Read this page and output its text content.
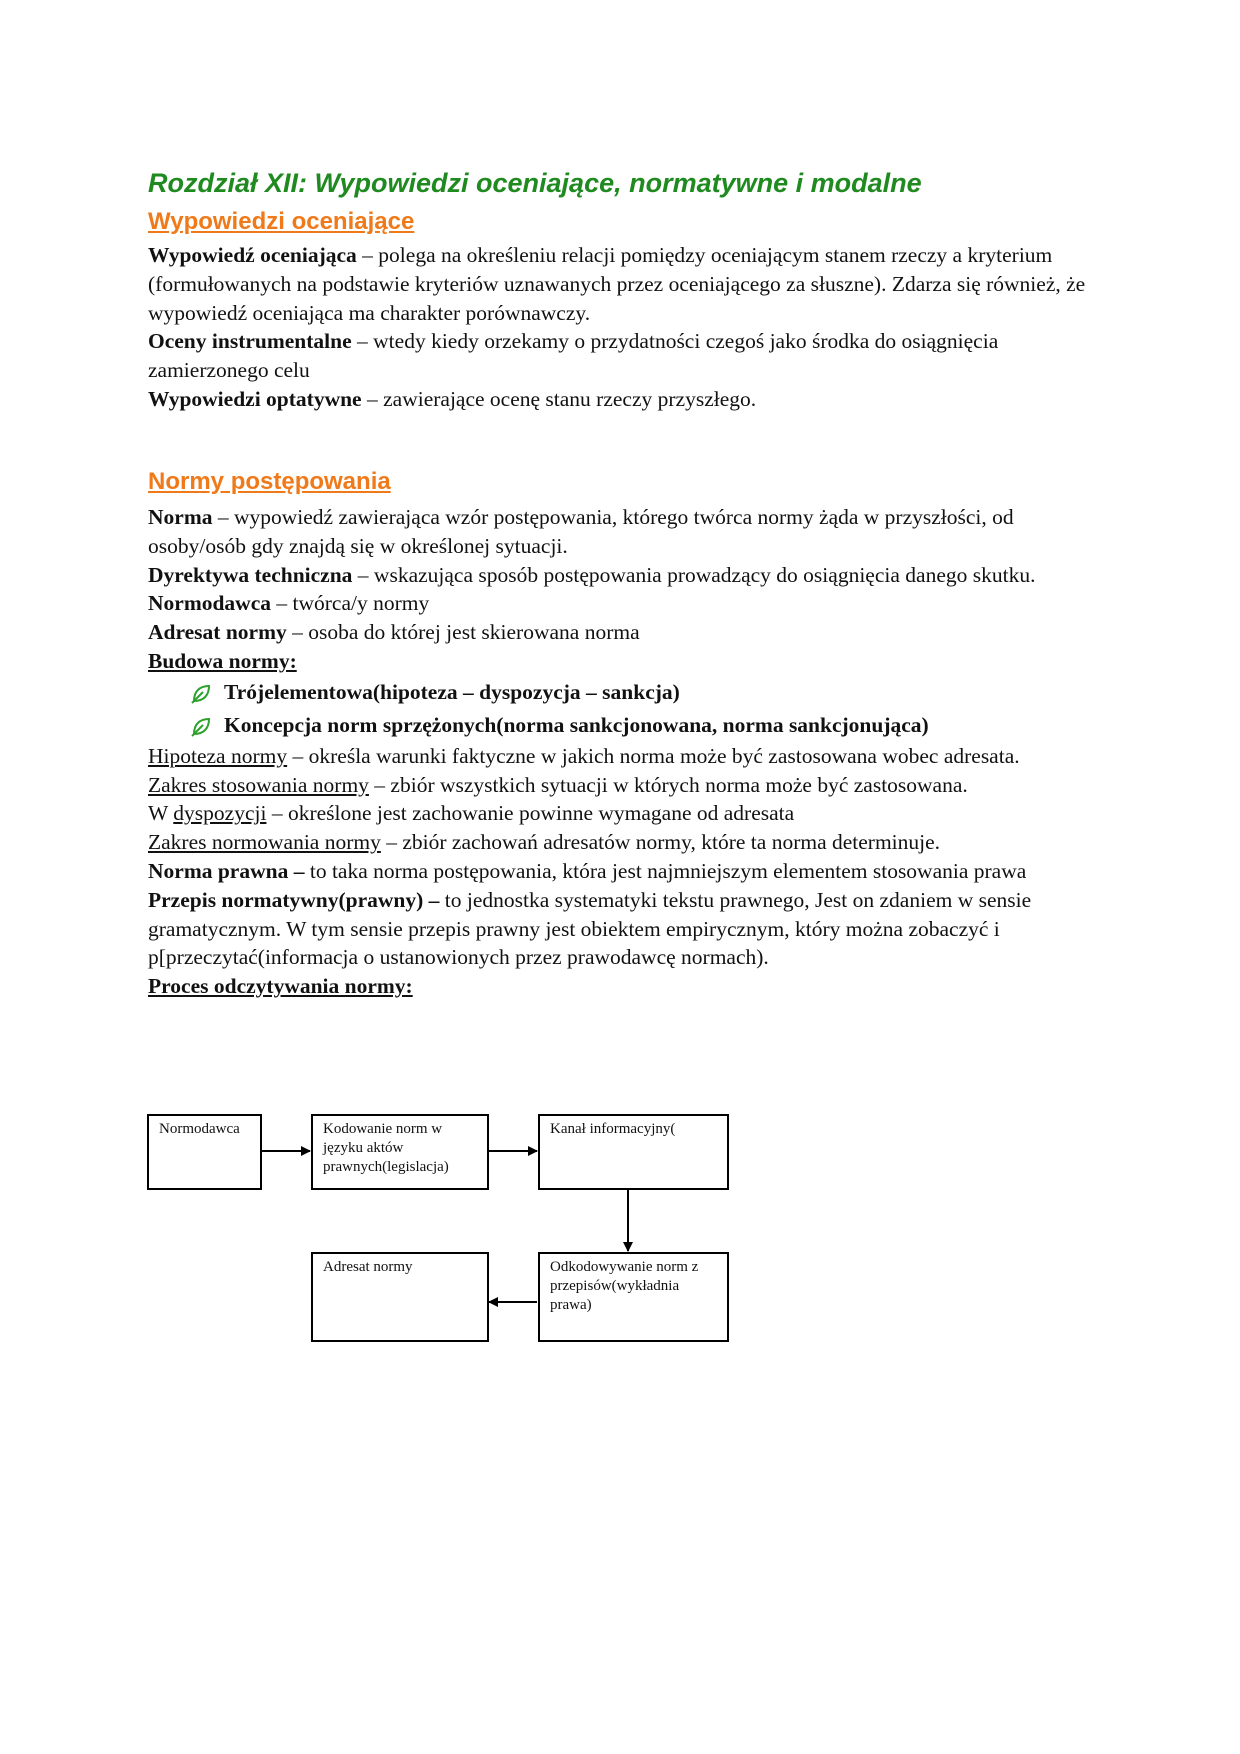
Rozdział XII: Wypowiedzi oceniające, normatywne i modalne
Wypowiedzi oceniające

Wypowiedź oceniająca – polega na określeniu relacji pomiędzy oceniającym stanem rzeczy a kryterium (formułowanych na podstawie kryteriów uznawanych przez oceniającego za słuszne). Zdarza się również, że wypowiedź oceniająca ma charakter porównawczy.

Oceny instrumentalne – wtedy kiedy orzekamy o przydatności czegoś jako środka do osiągnięcia zamierzonego celu

Wypowiedzi optatywne – zawierające ocenę stanu rzeczy przyszłego.

Normy postępowania

Norma – wypowiedź zawierająca wzór postępowania, którego twórca normy żąda w przyszłości, od osoby/osób gdy znajdą się w określonej sytuacji.

Dyrektywa techniczna – wskazująca sposób postępowania prowadzący do osiągnięcia danego skutku.

Normodawca – twórca/y normy

Adresat normy – osoba do której jest skierowana norma

Budowa normy:

Trójelementowa(hipoteza – dyspozycja – sankcja)
Koncepcja norm sprzężonych(norma sankcjonowana, norma sankcjonująca)

Hipoteza normy – określa warunki faktyczne w jakich norma może być zastosowana wobec adresata.

Zakres stosowania normy – zbiór wszystkich sytuacji w których norma może być zastosowana.

W dyspozycji – określone jest zachowanie powinne wymagane od adresata

Zakres normowania normy – zbiór zachowań adresatów normy, które ta norma determinuje.

Norma prawna – to taka norma postępowania, która jest najmniejszym elementem stosowania prawa

Przepis normatywny(prawny) – to jednostka systematyki tekstu prawnego, Jest on zdaniem w sensie gramatycznym. W tym sensie przepis prawny jest obiektem empirycznym, który można zobaczyć i p[przeczytać(informacja o ustanowionych przez prawodawcę normach).

Proces odczytywania normy:

Normodawca	Kodowanie norm w języku aktów prawnych(legislacja)
Kanał informacyjny(
Odkodowywanie norm z przepisów(wykładnia prawa)
Adresat normy
